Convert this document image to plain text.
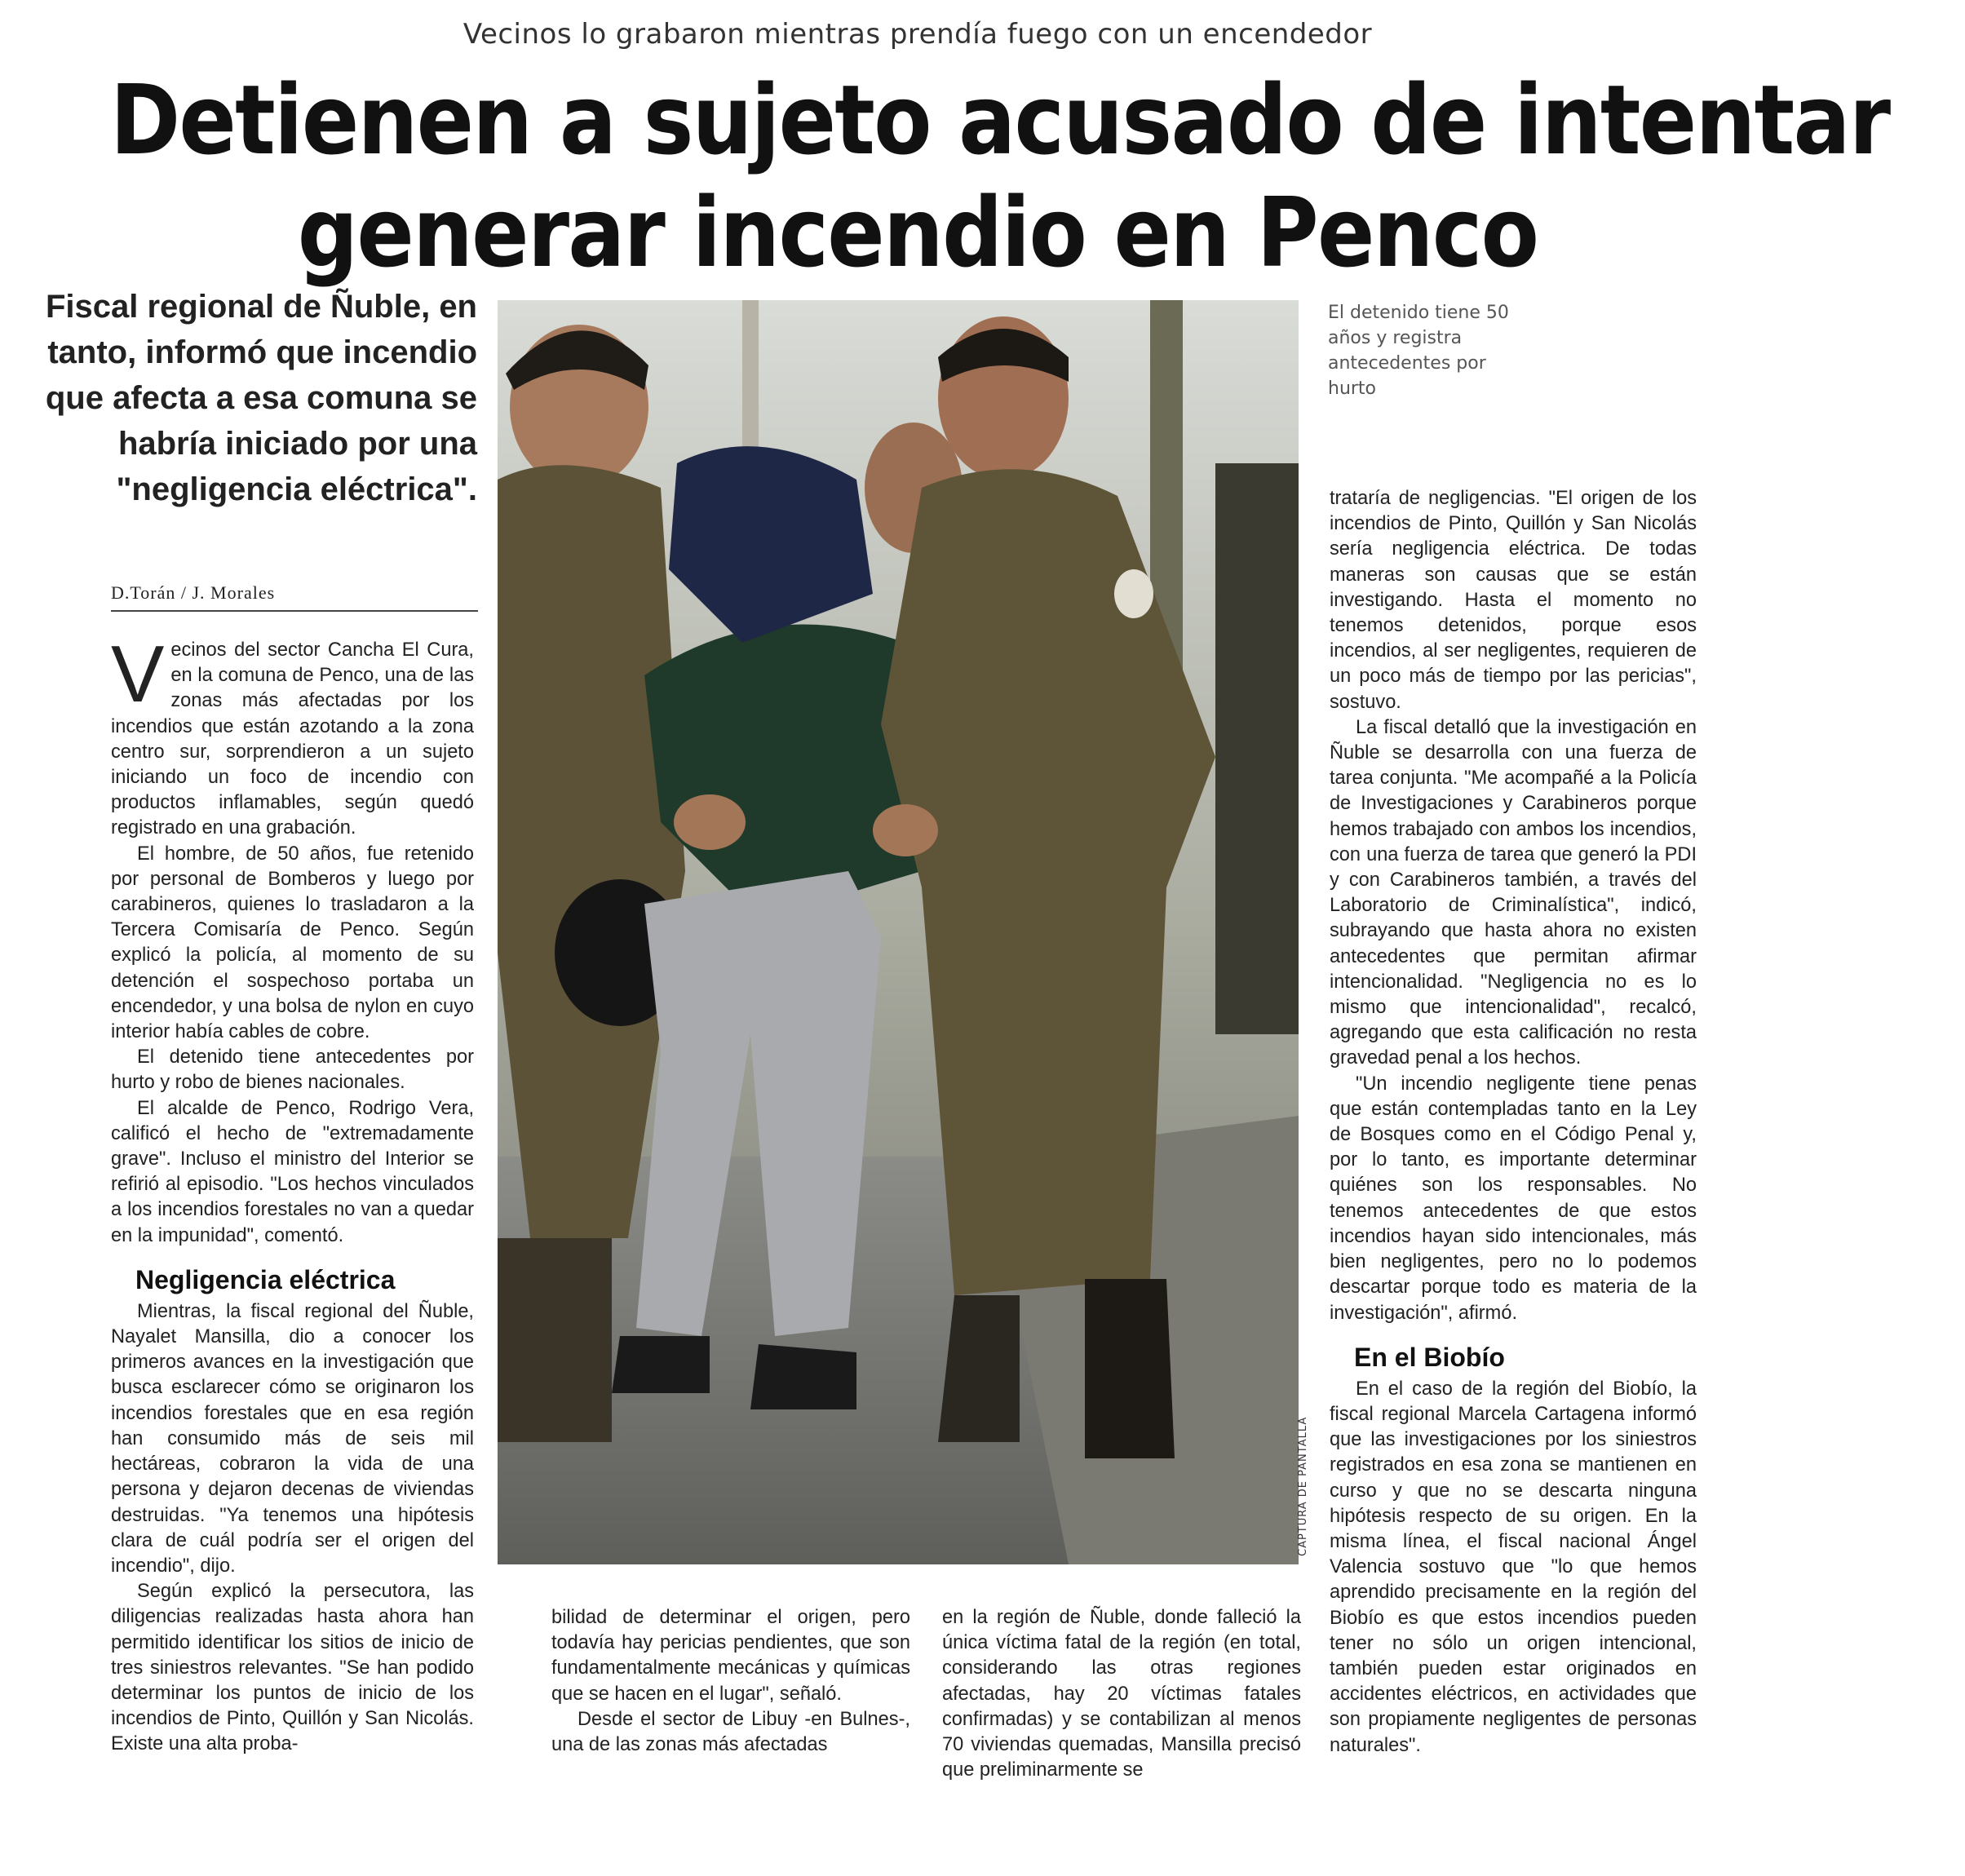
Vecinos lo grabaron mientras prendía fuego con un encendedor
Detienen a sujeto acusado de intentar
generar incendio en Penco
Fiscal regional de Ñuble, en tanto, informó que incendio que afecta a esa comuna se habría iniciado por una "negligencia eléctrica".
D.Torán / J. Morales

Vecinos del sector Cancha El Cura, en la comuna de Penco, una de las zonas más afectadas por los incendios que están azotando a la zona centro sur, sorprendieron a un sujeto iniciando un foco de incendio con productos inflamables, según quedó registrado en una grabación.

El hombre, de 50 años, fue retenido por personal de Bomberos y luego por carabineros, quienes lo trasladaron a la Tercera Comisaría de Penco. Según explicó la policía, al momento de su detención el sospechoso portaba un encendedor, y una bolsa de nylon en cuyo interior había cables de cobre.

El detenido tiene antecedentes por hurto y robo de bienes nacionales.

El alcalde de Penco, Rodrigo Vera, calificó el hecho de "extremadamente grave". Incluso el ministro del Interior se refirió al episodio. "Los hechos vinculados a los incendios forestales no van a quedar en la impunidad", comentó.

Negligencia eléctrica

Mientras, la fiscal regional del Ñuble, Nayalet Mansilla, dio a conocer los primeros avances en la investigación que busca esclarecer cómo se originaron los incendios forestales que en esa región han consumido más de seis mil hectáreas, cobraron la vida de una persona y dejaron decenas de viviendas destruidas. "Ya tenemos una hipótesis clara de cuál podría ser el origen del incendio", dijo.

Según explicó la persecutora, las diligencias realizadas hasta ahora han permitido identificar los sitios de inicio de tres siniestros relevantes. "Se han podido determinar los puntos de inicio de los incendios de Pinto, Quillón y San Nicolás. Existe una alta proba-

CAPTURA DE PANTALLA
El detenido tiene 50 años y registra antecedentes por hurto

bilidad de determinar el origen, pero todavía hay pericias pendientes, que son fundamentalmente mecánicas y químicas que se hacen en el lugar", señaló.

Desde el sector de Libuy -en Bulnes-, una de las zonas más afectadas

en la región de Ñuble, donde falleció la única víctima fatal de la región (en total, considerando las otras regiones afectadas, hay 20 víctimas fatales confirmadas) y se contabilizan al menos 70 viviendas quemadas, Mansilla precisó que preliminarmente se

trataría de negligencias. "El origen de los incendios de Pinto, Quillón y San Nicolás sería negligencia eléctrica. De todas maneras son causas que se están investigando. Hasta el momento no tenemos detenidos, porque esos incendios, al ser negligentes, requieren de un poco más de tiempo por las pericias", sostuvo.

La fiscal detalló que la investigación en Ñuble se desarrolla con una fuerza de tarea conjunta. "Me acompañé a la Policía de Investigaciones y Carabineros porque hemos trabajado con ambos los incendios, con una fuerza de tarea que generó la PDI y con Carabineros también, a través del Laboratorio de Criminalística", indicó, subrayando que hasta ahora no existen antecedentes que permitan afirmar intencionalidad. "Negligencia no es lo mismo que intencionalidad", recalcó, agregando que esta calificación no resta gravedad penal a los hechos.

"Un incendio negligente tiene penas que están contempladas tanto en la Ley de Bosques como en el Código Penal y, por lo tanto, es importante determinar quiénes son los responsables. No tenemos antecedentes de que estos incendios hayan sido intencionales, más bien negligentes, pero no lo podemos descartar porque todo es materia de la investigación", afirmó.

En el Biobío

En el caso de la región del Biobío, la fiscal regional Marcela Cartagena informó que las investigaciones por los siniestros registrados en esa zona se mantienen en curso y que no se descarta ninguna hipótesis respecto de su origen. En la misma línea, el fiscal nacional Ángel Valencia sostuvo que "lo que hemos aprendido precisamente en la región del Biobío es que estos incendios pueden tener no sólo un origen intencional, también pueden estar originados en accidentes eléctricos, en actividades que son propiamente negligentes de personas naturales".
